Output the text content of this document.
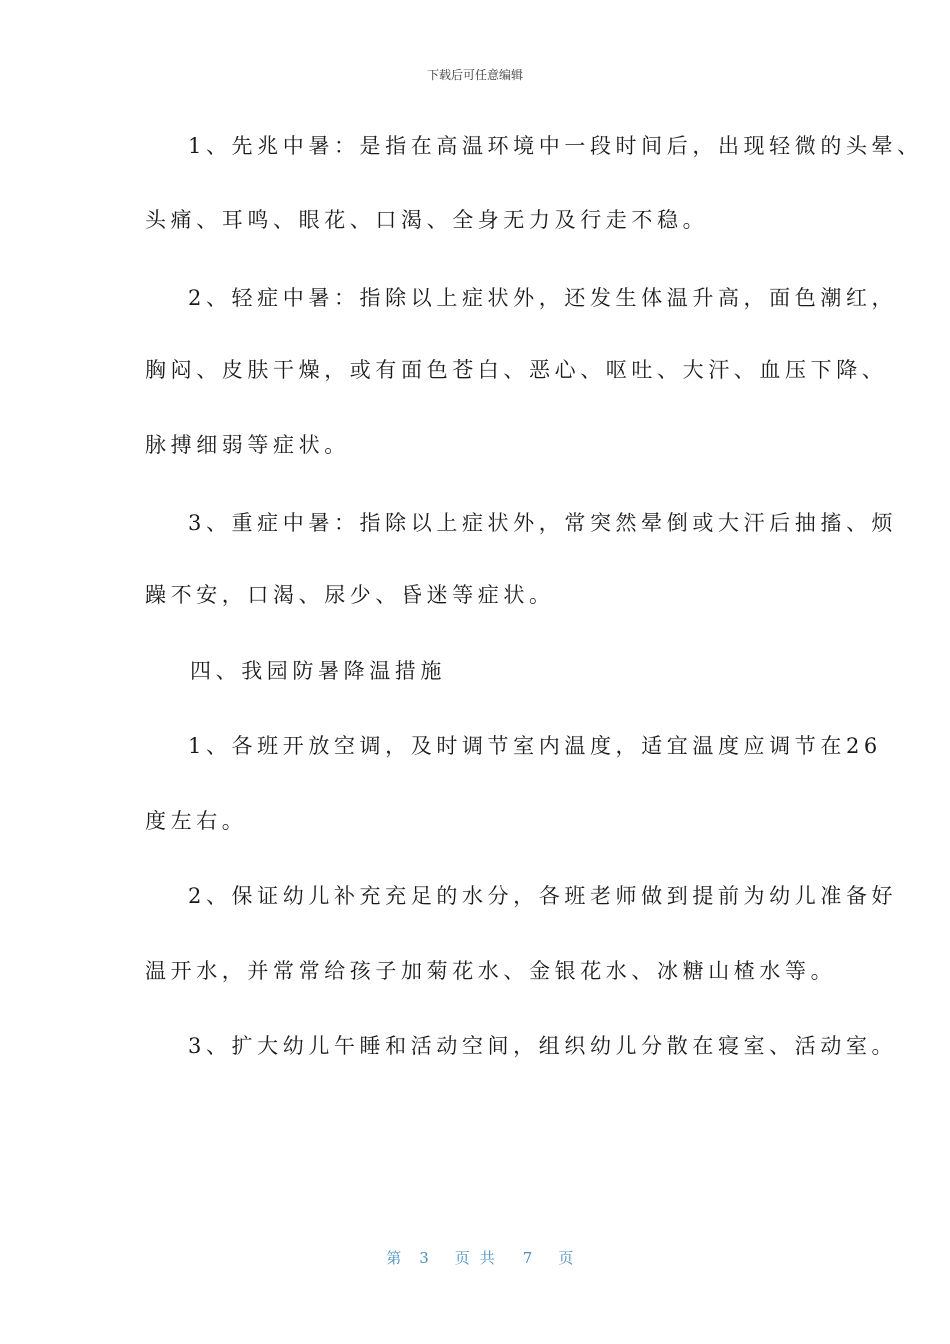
下载后可任意编辑
1、先兆中暑：是指在高温环境中一段时间后，出现轻微的头晕、
头痛、耳鸣、眼花、口渴、全身无力及行走不稳。
2、轻症中暑：指除以上症状外，还发生体温升高，面色潮红，
胸闷、皮肤干燥，或有面色苍白、恶心、呕吐、大汗、血压下降、
脉搏细弱等症状。
3、重症中暑：指除以上症状外，常突然晕倒或大汗后抽搐、烦
躁不安，口渴、尿少、昏迷等症状。
四、我园防暑降温措施
1、各班开放空调，及时调节室内温度，适宜温度应调节在26
度左右。
2、保证幼儿补充充足的水分，各班老师做到提前为幼儿准备好
温开水，并常常给孩子加菊花水、金银花水、冰糖山楂水等。
3、扩大幼儿午睡和活动空间，组织幼儿分散在寝室、活动室。

第 3 页共 7 页
